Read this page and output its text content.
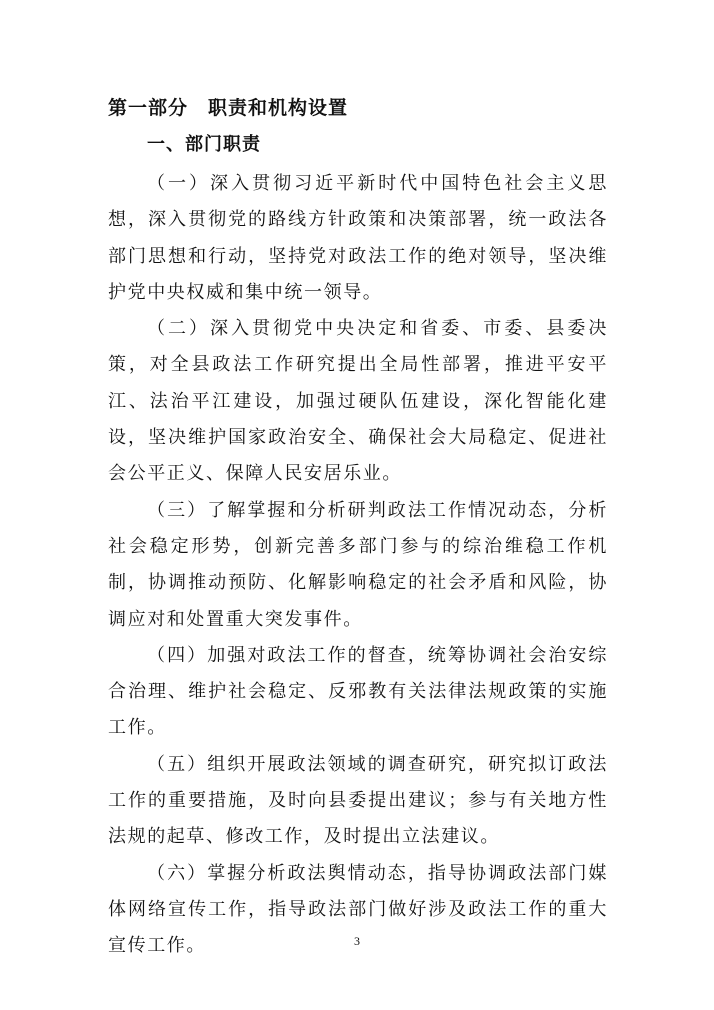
第一部分　职责和机构设置
一、部门职责

（一）深入贯彻习近平新时代中国特色社会主义思想，深入贯彻党的路线方针政策和决策部署，统一政法各部门思想和行动，坚持党对政法工作的绝对领导，坚决维护党中央权威和集中统一领导。

（二）深入贯彻党中央决定和省委、市委、县委决策，对全县政法工作研究提出全局性部署，推进平安平江、法治平江建设，加强过硬队伍建设，深化智能化建设，坚决维护国家政治安全、确保社会大局稳定、促进社会公平正义、保障人民安居乐业。

（三）了解掌握和分析研判政法工作情况动态，分析社会稳定形势，创新完善多部门参与的综治维稳工作机制，协调推动预防、化解影响稳定的社会矛盾和风险，协调应对和处置重大突发事件。

（四）加强对政法工作的督查，统筹协调社会治安综合治理、维护社会稳定、反邪教有关法律法规政策的实施工作。

（五）组织开展政法领域的调查研究，研究拟订政法工作的重要措施，及时向县委提出建议；参与有关地方性法规的起草、修改工作，及时提出立法建议。

（六）掌握分析政法舆情动态，指导协调政法部门媒体网络宣传工作，指导政法部门做好涉及政法工作的重大宣传工作。	3
